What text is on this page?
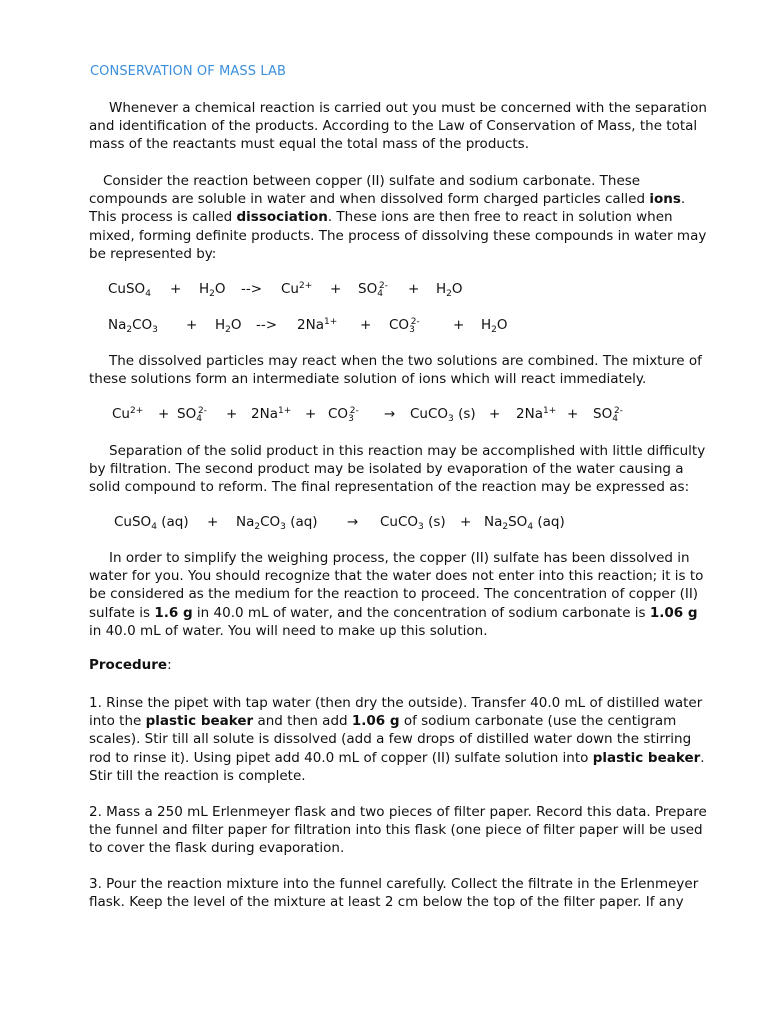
CONSERVATION OF MASS LAB

Whenever a chemical reaction is carried out you must be concerned with the separation and identification of the products. According to the Law of Conservation of Mass, the total mass of the reactants must equal the total mass of the products.

Consider the reaction between copper (II) sulfate and sodium carbonate. These compounds are soluble in water and when dissolved form charged particles called ions. This process is called dissociation. These ions are then free to react in solution when mixed, forming definite products. The process of dissolving these compounds in water may be represented by:

CuSO$_4$ + $H_2O$ --> $Cu^{2+} + SO_4^{2-} + H_2O$
$Na_2CO_3 + H_2O$ --> $2Na^{1+} + CO_3^{2-} + H_2O$

The dissolved particles may react when the two solutions are combined. The mixture of these solutions form an intermediate solution of ions which will react immediately.

$Cu^{2+} + SO_4^{2-} + 2Na^{1+} + CO_3^{2-}$ → CuCO$_3$ $(s) + 2Na^{1+} + SO_4^{2-}$

Separation of the solid product in this reaction may be accomplished with little difficulty by filtration. The second product may be isolated by evaporation of the water causing a solid compound to reform. The final representation of the reaction may be expressed as:

CuSO$_4$ $(aq) + Na_2CO_3$ (aq) → CuCO$_3$ $(s) + Na_2SO_4$ (aq)

In order to simplify the weighing process, the copper (II) sulfate has been dissolved in water for you. You should recognize that the water does not enter into this reaction; it is to be considered as the medium for the reaction to proceed. The concentration of copper (II) sulfate is 1.6 g in 40.0 mL of water, and the concentration of sodium carbonate is 1.06 g in 40.0 mL of water. You will need to make up this solution.

Procedure:

1. Rinse the pipet with tap water (then dry the outside). Transfer 40.0 mL of distilled water into the plastic beaker and then add 1.06 g of sodium carbonate (use the centigram scales). Stir till all solute is dissolved (add a few drops of distilled water down the stirring rod to rinse it). Using pipet add 40.0 mL of copper (II) sulfate solution into plastic beaker. Stir till the reaction is complete.

2. Mass a 250 mL Erlenmeyer flask and two pieces of filter paper. Record this data. Prepare the funnel and filter paper for filtration into this flask (one piece of filter paper will be used to cover the flask during evaporation.

3. Pour the reaction mixture into the funnel carefully. Collect the filtrate in the Erlenmeyer flask. Keep the level of the mixture at least 2 cm below the top of the filter paper. If any
